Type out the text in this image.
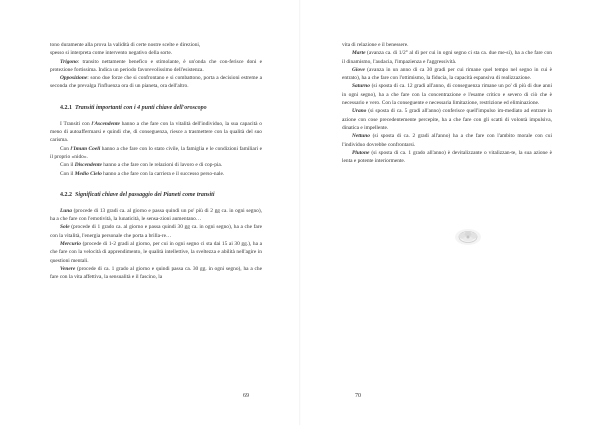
tono duramente alla prova la validità di certe nostre scelte e direzioni,

spesso si interpreta come intervento negativo della sorte.

Trigono: transito nettamente benefico e stimolante, è un'onda che con-ferisce doni e protezione fortissima. Indica un periodo favorevolissimo dell'esistenza.

Opposizione: sono due forze che si confrontano e si combattono, porta a decisioni estreme a seconda che prevalga l'influenza ora di un pianeta, ora dell'altro.

4.2.1 Transiti importanti con i 4 punti chiave dell'oroscopo

I Transiti con l'Ascendente hanno a che fare con la vitalità dell'individuo, la sua capacità o meno di autoaffermarsi e quindi che, di conseguenza, riesce a trasmettere con la qualità del suo carisma.

Con l'Imum Coeli hanno a che fare con lo stato civile, la famiglia e le condizioni familiari e il proprio «nido».

Con il Discendente hanno a che fare con le relazioni di lavoro e di cop-pia.

Con il Medio Cielo hanno a che fare con la carriera e il successo perso-nale.

4.2.2 Significati chiave del passaggio dei Pianeti come transiti

Luna (procede di 13 gradi ca. al giorno e passa quindi un po' più di 2 gg ca. in ogni segno), ha a che fare con l'emotività, la lunaticità, le sensa-zioni aumentano…

Sole (procede di 1 grado ca. al giorno e passa quindi 30 gg ca. in ogni segno), ha a che fare con la vitalità, l'energia personale che porta a brilla-re…

Mercurio (procede di 1-2 gradi al giorno, per cui in ogni segno ci sta dai 15 ai 30 gg.), ha a che fare con la velocità di apprendimento, le qualità intellettive, la sveltezza e abilità nell'agire in questioni mentali.

Venere (procede di ca. 1 grado al giorno e quindi passa ca. 30 gg. in ogni segno), ha a che fare con la vita affettiva, la sensualità e il fascino, la

69

vita di relazione e il benessere.

Marte (avanza ca. di 1/2° al dì per cui in ogni segno ci sta ca. due me-si), ha a che fare con il dinamismo, l'audacia, l'impazienza e l'aggressività.

Giove (avanza in un anno di ca 30 gradi per cui rimane quel tempo nel segno in cui è entrato), ha a che fare con l'ottimismo, la fiducia, la capacità espansiva di realizzazione.

Saturno (si sposta di ca. 12 gradi all'anno, di conseguenza rimane un po' di più di due anni in ogni segno), ha a che fare con la concentrazione e l'esame critico e severo di ciò che è necessario e vero. Con la conseguente e necessaria limitazione, restrizione ed eliminazione.

Urano (si sposta di ca. 5 gradi all'anno) conferisce quell'impulso im-mediato ad entrare in azione con cose precedentemente percepite, ha a che fare con gli scatti di volontà impulsiva, dinatica e impellente.

Nettuno (si sposta di ca. 2 gradi all'anno) ha a che fare con l'ambito morale con cui l'individuo dovrebbe confrontarsi.

Plutone (si sposta di ca. 1 grado all'anno) è devitalizzante o vitalizzan-te, la sua azione è lenta e potente interiormente.

70
